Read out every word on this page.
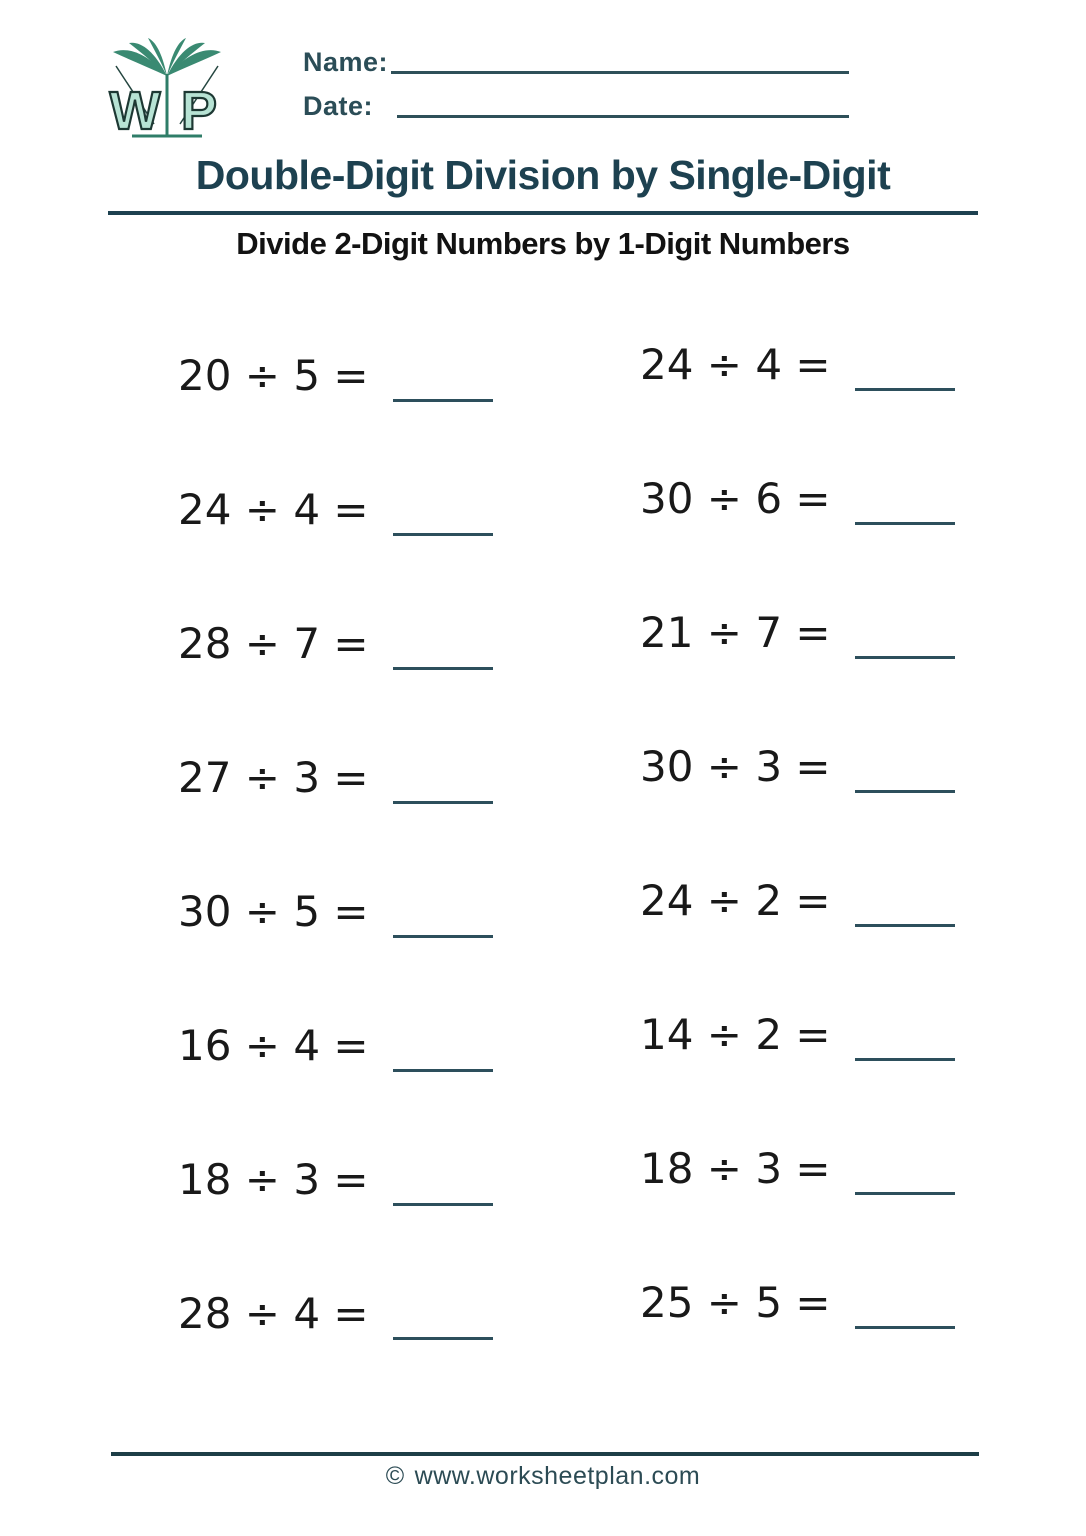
W P
Name:
Date:
Double-Digit Division by Single-Digit
Divide 2-Digit Numbers by 1-Digit Numbers
20 ÷ 5 =
24 ÷ 4 =
28 ÷ 7 =
27 ÷ 3 =
30 ÷ 5 =
16 ÷ 4 =
18 ÷ 3 =
28 ÷ 4 =
24 ÷ 4 =
30 ÷ 6 =
21 ÷ 7 =
30 ÷ 3 =
24 ÷ 2 =
14 ÷ 2 =
18 ÷ 3 =
25 ÷ 5 =
© www.worksheetplan.com
